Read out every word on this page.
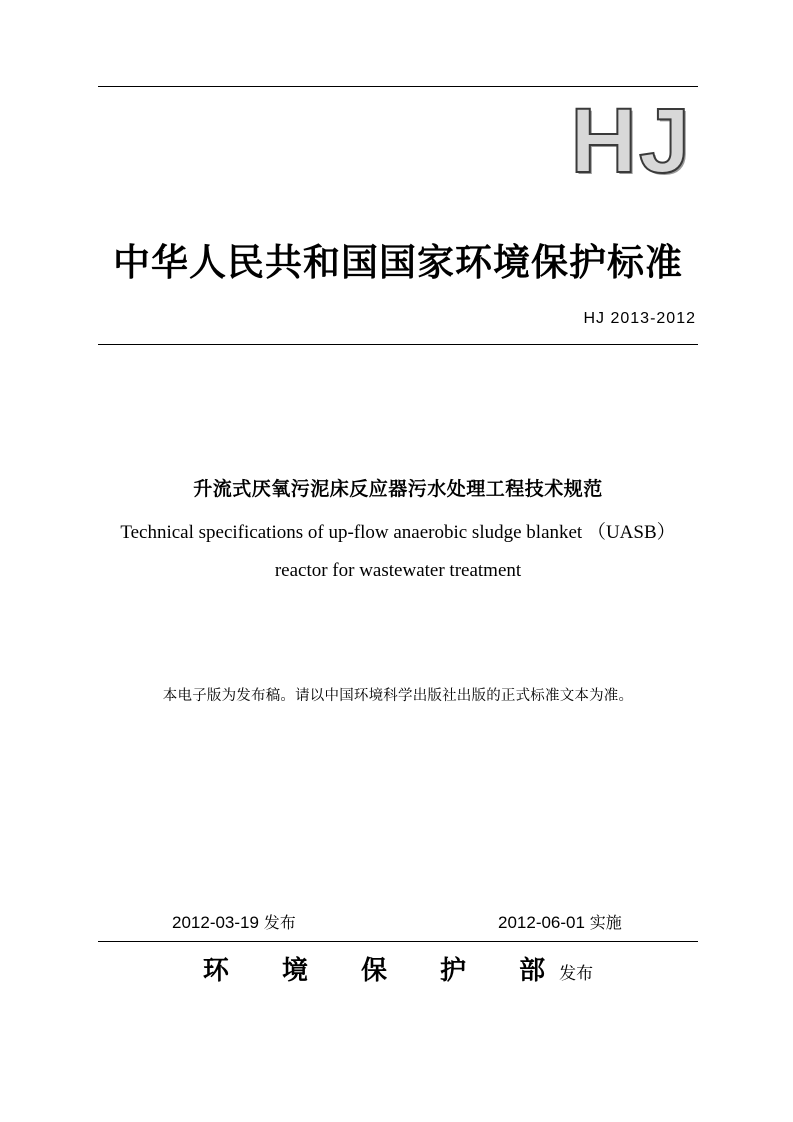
HJ
中华人民共和国国家环境保护标准
HJ 2013-2012
升流式厌氧污泥床反应器污水处理工程技术规范
Technical specifications of up-flow anaerobic sludge blanket （UASB）
reactor for wastewater treatment
本电子版为发布稿。请以中国环境科学出版社出版的正式标准文本为准。
2012-03-19 发布	2012-06-01 实施
环 境 保 护 部 发布
